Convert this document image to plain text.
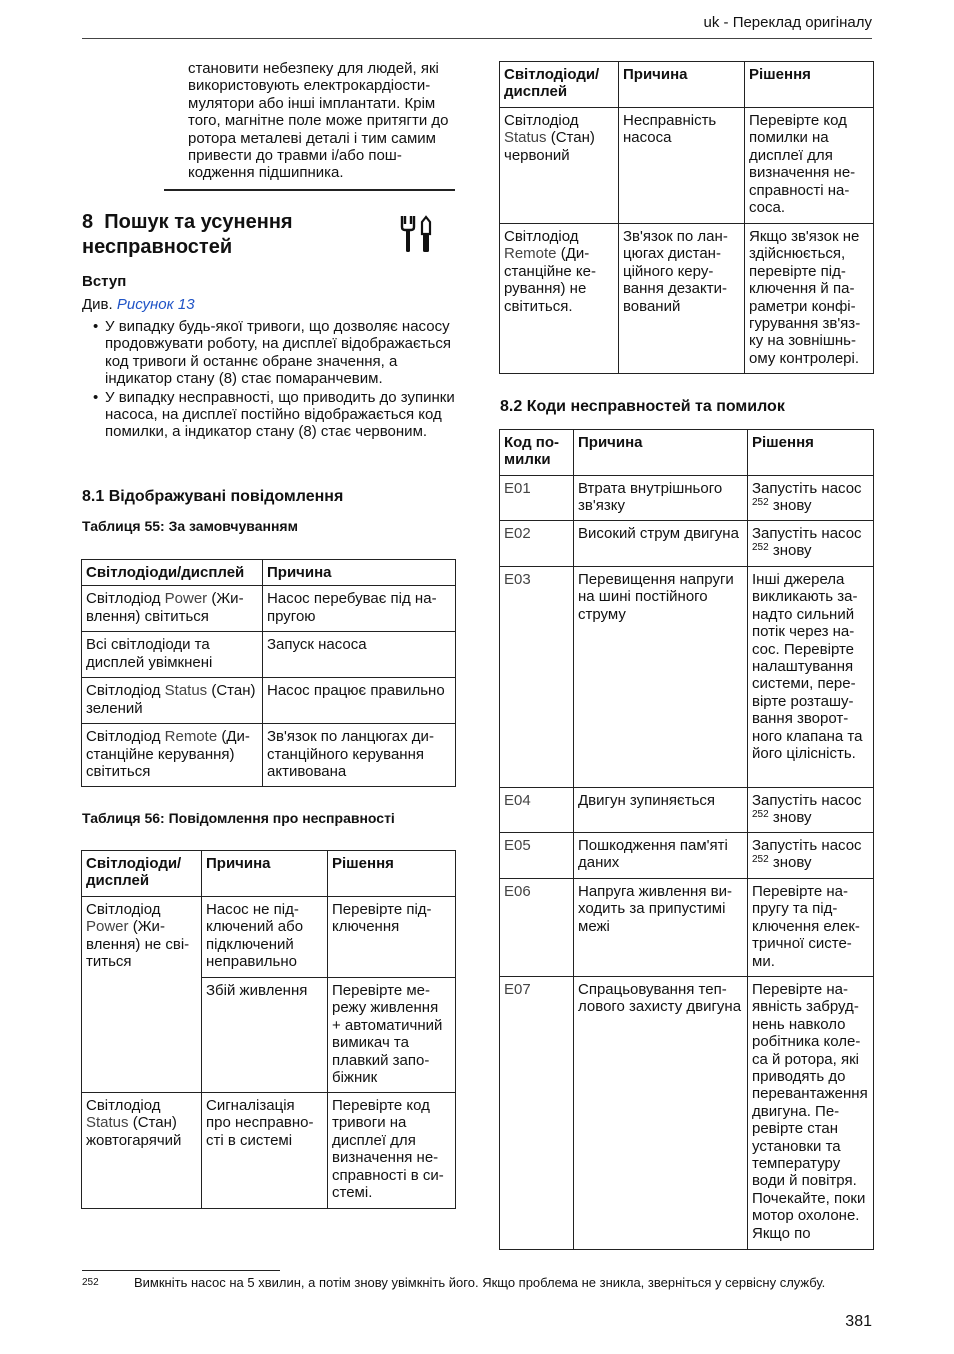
uk - Переклад оригіналу
становити небезпеку для людей, які використовують електрокардіостимулятори або інші імплантати. Крім того, магнітне поле може притягти до ротора металеві деталі і тим самим привести до травми і/або пошкодження підшипника.
8 Пошук та усунення несправностей
Вступ
Див. Рисунок 13
• У випадку будь-якої тривоги, що дозволяє насосу продовжувати роботу, на дисплеї відображається код тривоги й останнє обране значення, а індикатор стану (8) стає помаранчевим.
• У випадку несправності, що приводить до зупинки насоса, на дисплеї постійно відображається код помилки, а індикатор стану (8) стає червоним.
8.1 Відображувані повідомлення
Таблиця 55: За замовчуванням
Світлодіоди/дисплей	Причина
Світлодіод Power (Живлення) світиться	Насос перебуває під напругою
Всі світлодіоди та дисплей увімкнені	Запуск насоса
Світлодіод Status (Стан) зелений	Насос працює правильно
Світлодіод Remote (Дистанційне керування) світиться	Зв'язок по ланцюгах дистанційного керування активована
Таблиця 56: Повідомлення про несправності
Світлодіоди/ дисплей	Причина	Рішення
Світлодіод Power (Живлення) не світиться	Насос не підключений або підключений неправильно	Перевірте підключення
	Збій живлення	Перевірте мережу живлення + автоматичний вимикач та плавкий запобіжник
Світлодіод Status (Стан) жовтогарячий	Сигналізація про несправності в системі	Перевірте код тривоги на дисплеї для визначення несправності в системі.
Світлодіоди/ дисплей	Причина	Рішення
Світлодіод Status (Стан) червоний	Несправність насоса	Перевірте код помилки на дисплеї для визначення несправності насоса.
Світлодіод Remote (Дистанційне керування) не світиться.	Зв'язок по ланцюгах дистанційного керування дезактивований	Якщо зв'язок не здійснюється, перевірте підключення й параметри конфігурування зв'язку на зовнішньому контролері.
8.2 Коди несправностей та помилок
Код помилки	Причина	Рішення
E01	Втрата внутрішнього зв'язку	Запустіть насос $^{252}$ знову
E02	Високий струм двигуна	Запустіть насос $^{252}$ знову
E03	Перевищення напруги на шині постійного струму	Інші джерела викликають занадто сильний потік через насос. Перевірте налаштування системи, перевірте розташування зворотного клапана та його цілісність.
E04	Двигун зупиняється	Запустіть насос $^{252}$ знову
E05	Пошкодження пам'яті даних	Запустіть насос $^{252}$ знову
E06	Напруга живлення виходить за припустимі межі	Перевірте напругу та підключення електричної системи.
E07	Спрацьовування теплового захисту двигуна	Перевірте наявність забруднень навколо робітника колеса й ротора, які приводять до перевантаження двигуна. Перевірте стан установки та температуру води й повітря. Почекайте, поки мотор охолоне. Якщо по
252	Вимкніть насос на 5 хвилин, а потім знову увімкніть його. Якщо проблема не зникла, зверніться у сервісну службу.
381
